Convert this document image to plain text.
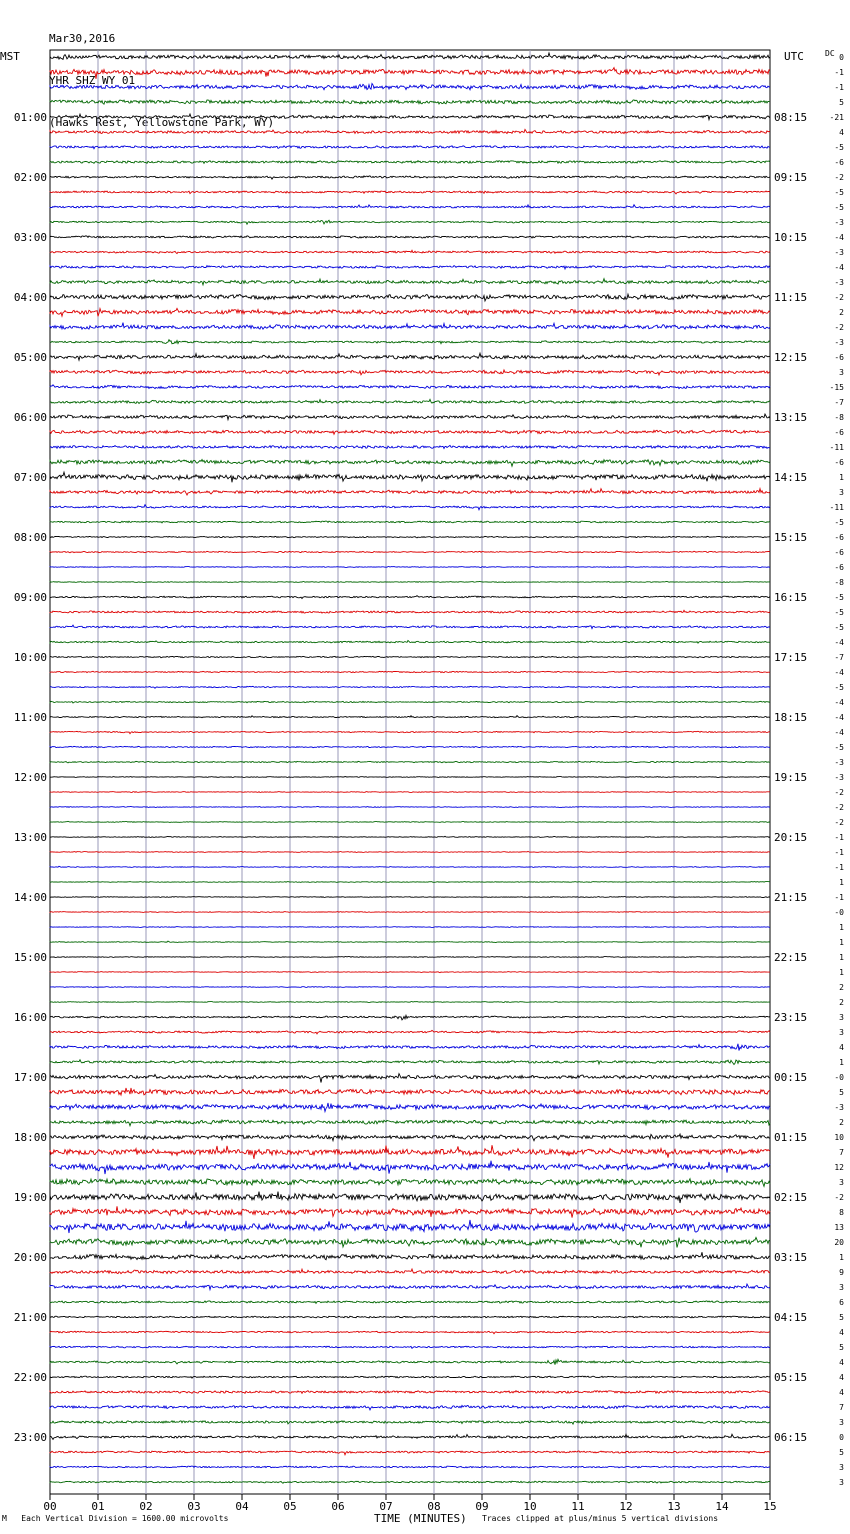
Mar30,2016

YHR SHZ WY 01

(Hawks Rest, Yellowstone Park, WY)

MST	UTC	DC
01:00
02:00
03:00
04:00
05:00
06:00
07:00
08:00
09:00
10:00
11:00
12:00
13:00
14:00
15:00
16:00
17:00
18:00
19:00
20:00
21:00
22:00
23:00
08:15
09:15
10:15
11:15
12:15
13:15
14:15
15:15
16:15
17:15
18:15
19:15
20:15
21:15
22:15
23:15
00:15
01:15
02:15
03:15
04:15
05:15
06:15
0
-1
-1
5
-21
4
-5
-6
-2
-5
-5
-3
-4
-3
-4
-3
-2
2
-2
-3
-6
3
-15
-7
-8
-6
-11
-6
1
3
-11
-5
-6
-6
-6
-8
-5
-5
-5
-4
-7
-4
-5
-4
-4
-4
-5
-3
-3
-2
-2
-2
-1
-1
-1
1
-1
-0
1
1
1
1
2
2
3
3
4
1
-0
5
-3
2
10
7
12
3
-2
8
13
20
1
9
3
6
5
4
5
4
4
4
7
3
0
5
3
3
00	01	02	03	04	05	06	07	08	09	10	11	12	13	14	15
M Each Vertical Division = 1600.00 microvolts	TIME (MINUTES) Traces clipped at plus/minus 5 vertical divisions
